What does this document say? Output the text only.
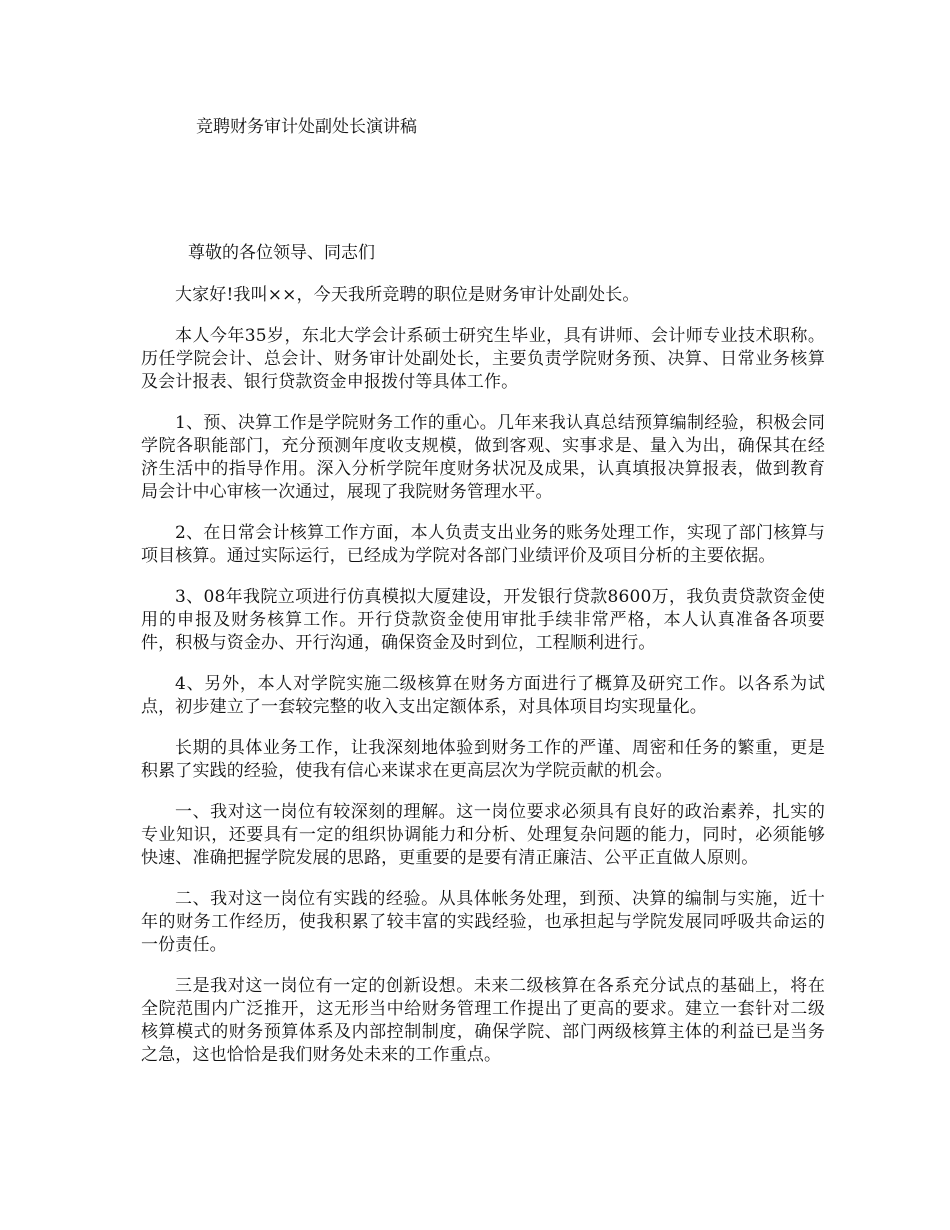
竞聘财务审计处副处长演讲稿

尊敬的各位领导、同志们

大家好!我叫××，今天我所竞聘的职位是财务审计处副处长。

本人今年35岁，东北大学会计系硕士研究生毕业，具有讲师、会计师专业技术职称。历任学院会计、总会计、财务审计处副处长，主要负责学院财务预、决算、日常业务核算及会计报表、银行贷款资金申报拨付等具体工作。

1、预、决算工作是学院财务工作的重心。几年来我认真总结预算编制经验，积极会同学院各职能部门，充分预测年度收支规模，做到客观、实事求是、量入为出，确保其在经济生活中的指导作用。深入分析学院年度财务状况及成果，认真填报决算报表，做到教育局会计中心审核一次通过，展现了我院财务管理水平。

2、在日常会计核算工作方面，本人负责支出业务的账务处理工作，实现了部门核算与项目核算。通过实际运行，已经成为学院对各部门业绩评价及项目分析的主要依据。

3、08年我院立项进行仿真模拟大厦建设，开发银行贷款8600万，我负责贷款资金使用的申报及财务核算工作。开行贷款资金使用审批手续非常严格，本人认真准备各项要件，积极与资金办、开行沟通，确保资金及时到位，工程顺利进行。

4、另外，本人对学院实施二级核算在财务方面进行了概算及研究工作。以各系为试点，初步建立了一套较完整的收入支出定额体系，对具体项目均实现量化。

长期的具体业务工作，让我深刻地体验到财务工作的严谨、周密和任务的繁重，更是积累了实践的经验，使我有信心来谋求在更高层次为学院贡献的机会。

一、我对这一岗位有较深刻的理解。这一岗位要求必须具有良好的政治素养，扎实的专业知识，还要具有一定的组织协调能力和分析、处理复杂问题的能力，同时，必须能够快速、准确把握学院发展的思路，更重要的是要有清正廉洁、公平正直做人原则。

二、我对这一岗位有实践的经验。从具体帐务处理，到预、决算的编制与实施，近十年的财务工作经历，使我积累了较丰富的实践经验，也承担起与学院发展同呼吸共命运的一份责任。

三是我对这一岗位有一定的创新设想。未来二级核算在各系充分试点的基础上，将在全院范围内广泛推开，这无形当中给财务管理工作提出了更高的要求。建立一套针对二级核算模式的财务预算体系及内部控制制度，确保学院、部门两级核算主体的利益已是当务之急，这也恰恰是我们财务处未来的工作重点。
